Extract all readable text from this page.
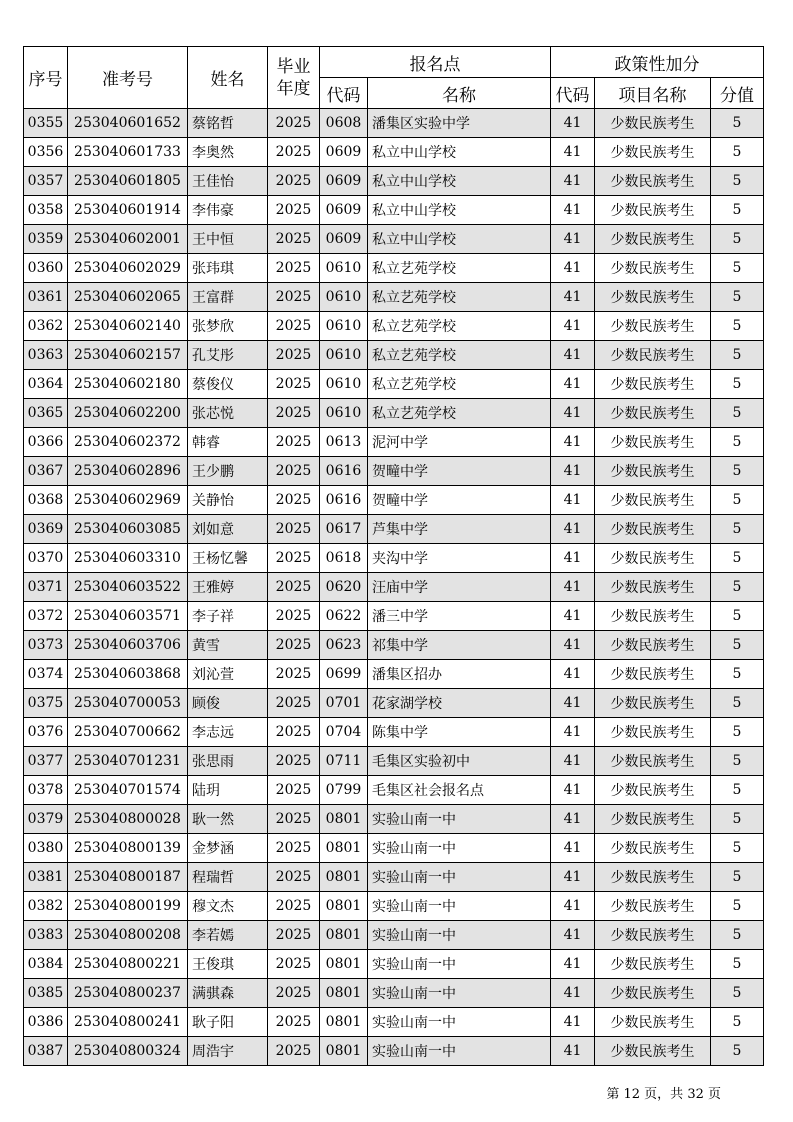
序号	准考号	姓名	毕业年度	报名点		政策性加分		
				代码	名称	代码	项目名称	分值
0355	253040601652	蔡铭哲	2025	0608	潘集区实验中学	41	少数民族考生	5
0356	253040601733	李奥然	2025	0609	私立中山学校	41	少数民族考生	5
0357	253040601805	王佳怡	2025	0609	私立中山学校	41	少数民族考生	5
0358	253040601914	李伟豪	2025	0609	私立中山学校	41	少数民族考生	5
0359	253040602001	王中恒	2025	0609	私立中山学校	41	少数民族考生	5
0360	253040602029	张玮琪	2025	0610	私立艺苑学校	41	少数民族考生	5
0361	253040602065	王富群	2025	0610	私立艺苑学校	41	少数民族考生	5
0362	253040602140	张梦欣	2025	0610	私立艺苑学校	41	少数民族考生	5
0363	253040602157	孔艾彤	2025	0610	私立艺苑学校	41	少数民族考生	5
0364	253040602180	蔡俊仪	2025	0610	私立艺苑学校	41	少数民族考生	5
0365	253040602200	张芯悦	2025	0610	私立艺苑学校	41	少数民族考生	5
0366	253040602372	韩睿	2025	0613	泥河中学	41	少数民族考生	5
0367	253040602896	王少鹏	2025	0616	贺疃中学	41	少数民族考生	5
0368	253040602969	关静怡	2025	0616	贺疃中学	41	少数民族考生	5
0369	253040603085	刘如意	2025	0617	芦集中学	41	少数民族考生	5
0370	253040603310	王杨忆馨	2025	0618	夹沟中学	41	少数民族考生	5
0371	253040603522	王雅婷	2025	0620	汪庙中学	41	少数民族考生	5
0372	253040603571	李子祥	2025	0622	潘三中学	41	少数民族考生	5
0373	253040603706	黄雪	2025	0623	祁集中学	41	少数民族考生	5
0374	253040603868	刘沁萱	2025	0699	潘集区招办	41	少数民族考生	5
0375	253040700053	顾俊	2025	0701	花家湖学校	41	少数民族考生	5
0376	253040700662	李志远	2025	0704	陈集中学	41	少数民族考生	5
0377	253040701231	张思雨	2025	0711	毛集区实验初中	41	少数民族考生	5
0378	253040701574	陆玥	2025	0799	毛集区社会报名点	41	少数民族考生	5
0379	253040800028	耿一然	2025	0801	实验山南一中	41	少数民族考生	5
0380	253040800139	金梦涵	2025	0801	实验山南一中	41	少数民族考生	5
0381	253040800187	程瑞哲	2025	0801	实验山南一中	41	少数民族考生	5
0382	253040800199	穆文杰	2025	0801	实验山南一中	41	少数民族考生	5
0383	253040800208	李若嫣	2025	0801	实验山南一中	41	少数民族考生	5
0384	253040800221	王俊琪	2025	0801	实验山南一中	41	少数民族考生	5
0385	253040800237	满骐森	2025	0801	实验山南一中	41	少数民族考生	5
0386	253040800241	耿子阳	2025	0801	实验山南一中	41	少数民族考生	5
0387	253040800324	周浩宇	2025	0801	实验山南一中	41	少数民族考生	5
第 12 页，共 32 页
